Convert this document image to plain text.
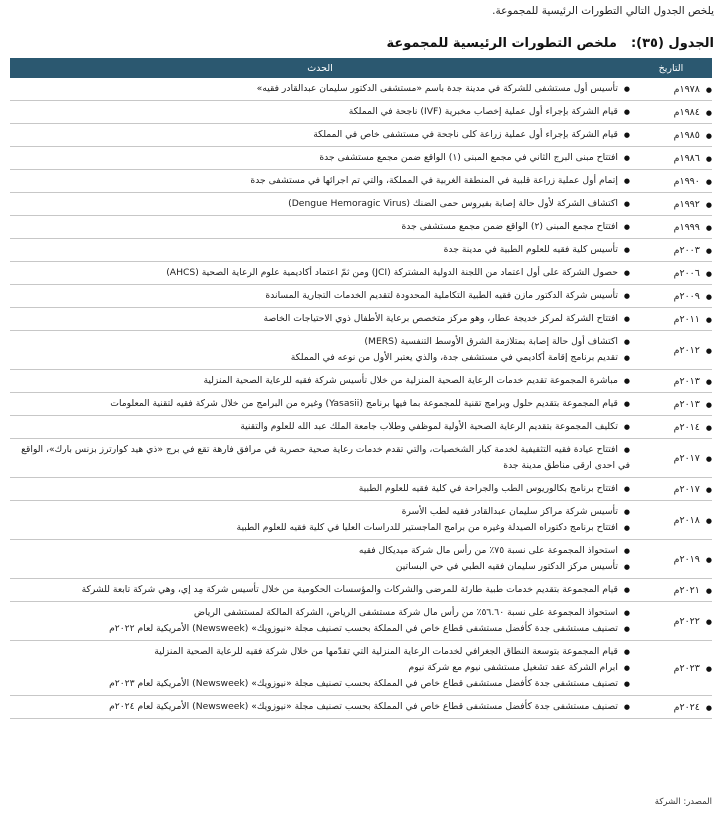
يلخص الجدول التالي التطورات الرئيسية للمجموعة.
الجدول (٣٥):ملخص التطورات الرئيسية للمجموعة
التاريخ	الحدث
●١٩٧٨م	●تأسيس أول مستشفى للشركة في مدينة جدة باسم «مستشفى الدكتور سليمان عبدالقادر فقيه»

●١٩٨٤م	●قيام الشركة بإجراء أول عملية إخصاب مخبرية (IVF) ناجحة في المملكة

●١٩٨٥م	●قيام الشركة بإجراء أول عملية زراعة كلى ناجحة في مستشفى خاص في المملكة

●١٩٨٦م	●افتتاح مبنى البرج الثاني في مجمع المبنى (١) الواقع ضمن مجمع مستشفى جدة

●١٩٩٠م	●إتمام أول عملية زراعة قلبية في المنطقة الغربية في المملكة، والتي تم اجرائها في مستشفى جدة

●١٩٩٢م	●اكتشاف الشركة لأول حالة إصابة بفيروس حمى الضنك (Dengue Hemoragic Virus)

●١٩٩٩م	●افتتاح مجمع المبنى (٢) الواقع ضمن مجمع مستشفى جدة

●٢٠٠٣م	●تأسيس كلية فقيه للعلوم الطبية في مدينة جدة

●٢٠٠٦م	●حصول الشركة على أول اعتماد من اللجنة الدولية المشتركة (JCI) ومن ثمّ اعتماد أكاديمية علوم الرعاية الصحية (AHCS)

●٢٠٠٩م	●تأسيس شركة الدكتور مازن فقيه الطبية التكاملية المحدودة لتقديم الخدمات التجارية المساندة

●٢٠١١م	●افتتاح الشركة لمركز خديجة عطار، وهو مركز متخصص برعاية الأطفال ذوي الاحتياجات الخاصة

●٢٠١٢م	●اكتشاف أول حالة إصابة بمتلازمة الشرق الأوسط التنفسية (MERS)
●تقديم برنامج إقامة أكاديمي في مستشفى جدة، والذي يعتبر الأول من نوعه في المملكة

●٢٠١٣م	●مباشرة المجموعة تقديم خدمات الرعاية الصحية المنزلية من خلال تأسيس شركة فقيه للرعاية الصحية المنزلية

●٢٠١٣م	●قيام المجموعة بتقديم حلول وبرامج تقنية للمجموعة بما فيها برنامج (Yasasii) وغيره من البرامج من خلال شركة فقيه لتقنية المعلومات

●٢٠١٤م	●تكليف المجموعة بتقديم الرعاية الصحية الأولية لموظفي وطلاب جامعة الملك عبد الله للعلوم والتقنية

●٢٠١٧م	●افتتاح عيادة فقيه التثقيفية لخدمة كبار الشخصيات، والتي تقدم خدمات رعاية صحية حصرية في مرافق فارهة تقع في برج «ذي هيد كوارترز بزنس بارك»، الواقع في احدى ارقى مناطق مدينة جدة

●٢٠١٧م	●افتتاح برنامج بكالوريوس الطب والجراحة في كلية فقيه للعلوم الطبية

●٢٠١٨م	●تأسيس شركة مراكز سليمان عبدالقادر فقيه لطب الأسرة
●افتتاح برنامج دكتوراه الصيدلة وغيره من برامج الماجستير للدراسات العليا في كلية فقيه للعلوم الطبية

●٢٠١٩م	●استحواذ المجموعة على نسبة ٧٥٪ من رأس مال شركة ميديكال فقيه
●تأسيس مركز الدكتور سليمان فقيه الطبي في حي البساتين

●٢٠٢١م	●قيام المجموعة بتقديم خدمات طبية طارئة للمرضى والشركات والمؤسسات الحكومية من خلال تأسيس شركة مِد إي، وهي شركة تابعة للشركة

●٢٠٢٢م	●استحواذ المجموعة على نسبة ٥٦.٦٠٪ من رأس مال شركة مستشفى الرياض، الشركة المالكة لمستشفى الرياض
●تصنيف مستشفى جدة كأفضل مستشفى قطاع خاص في المملكة بحسب تصنيف مجلة «نيوزويك» (Newsweek) الأمريكية لعام ٢٠٢٢م

●٢٠٢٣م	●قيام المجموعة بتوسعة النطاق الجغرافي لخدمات الرعاية المنزلية التي تقدّمها من خلال شركة فقيه للرعاية الصحية المنزلية
●ابرام الشركة عقد تشغيل مستشفى نيوم مع شركة نيوم
●تصنيف مستشفى جدة كأفضل مستشفى قطاع خاص في المملكة بحسب تصنيف مجلة «نيوزويك» (Newsweek) الأمريكية لعام ٢٠٢٣م

●٢٠٢٤م	●تصنيف مستشفى جدة كأفضل مستشفى قطاع خاص في المملكة بحسب تصنيف مجلة «نيوزويك» (Newsweek) الأمريكية لعام ٢٠٢٤م
المصدر: الشركة
